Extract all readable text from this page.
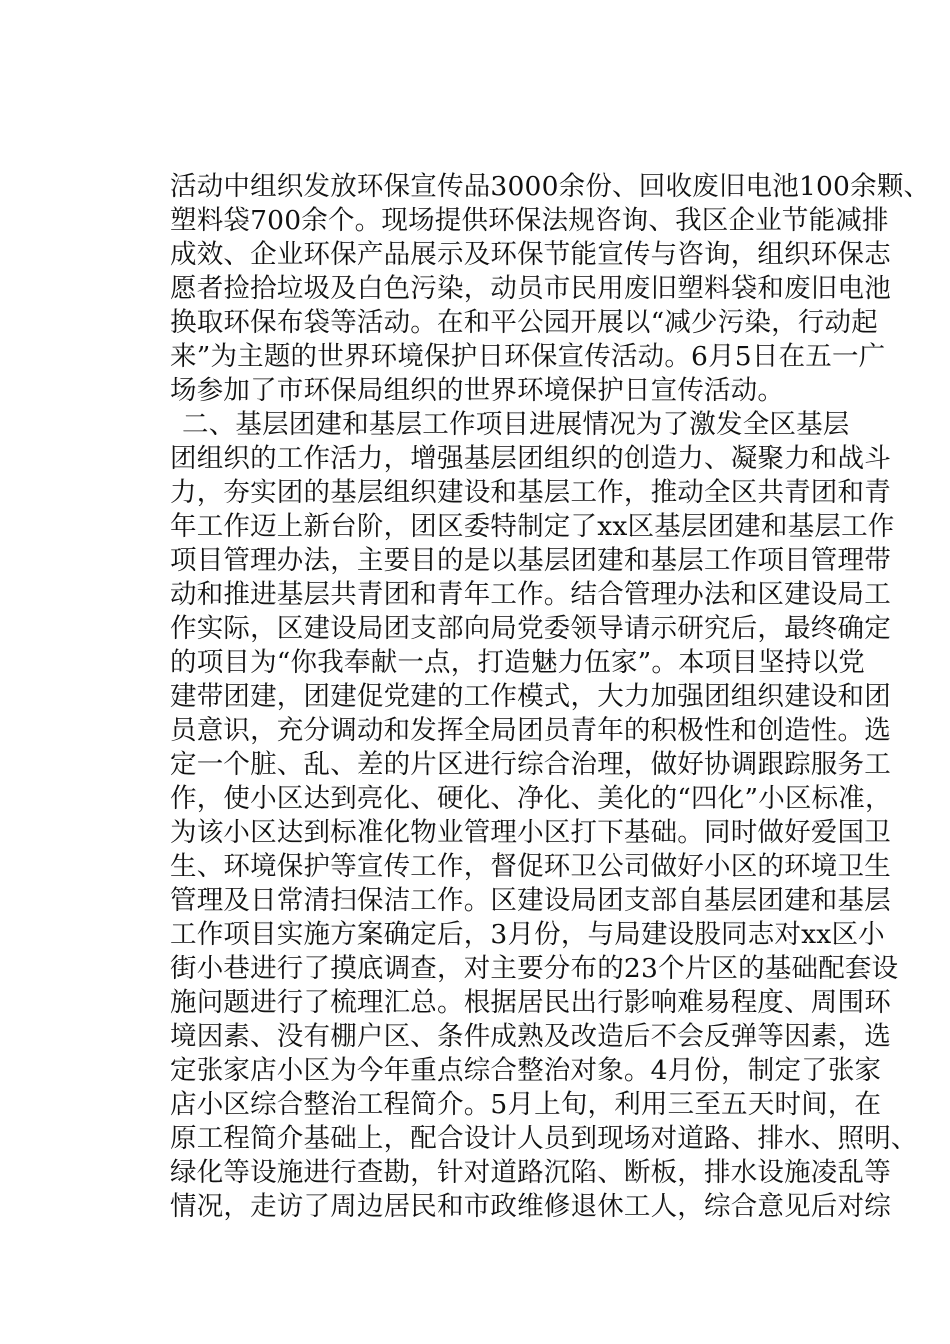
活动中组织发放环保宣传品3000余份、回收废旧电池100余颗、
塑料袋700余个。现场提供环保法规咨询、我区企业节能减排
成效、企业环保产品展示及环保节能宣传与咨询，组织环保志
愿者捡拾垃圾及白色污染，动员市民用废旧塑料袋和废旧电池
换取环保布袋等活动。在和平公园开展以“减少污染，行动起
来”为主题的世界环境保护日环保宣传活动。6月5日在五一广
场参加了市环保局组织的世界环境保护日宣传活动。
二、基层团建和基层工作项目进展情况为了激发全区基层
团组织的工作活力，增强基层团组织的创造力、凝聚力和战斗
力，夯实团的基层组织建设和基层工作，推动全区共青团和青
年工作迈上新台阶，团区委特制定了xx区基层团建和基层工作
项目管理办法，主要目的是以基层团建和基层工作项目管理带
动和推进基层共青团和青年工作。结合管理办法和区建设局工
作实际，区建设局团支部向局党委领导请示研究后，最终确定
的项目为“你我奉献一点，打造魅力伍家”。本项目坚持以党
建带团建，团建促党建的工作模式，大力加强团组织建设和团
员意识，充分调动和发挥全局团员青年的积极性和创造性。选
定一个脏、乱、差的片区进行综合治理，做好协调跟踪服务工
作，使小区达到亮化、硬化、净化、美化的“四化”小区标准，
为该小区达到标准化物业管理小区打下基础。同时做好爱国卫
生、环境保护等宣传工作，督促环卫公司做好小区的环境卫生
管理及日常清扫保洁工作。区建设局团支部自基层团建和基层
工作项目实施方案确定后，3月份，与局建设股同志对xx区小
街小巷进行了摸底调查，对主要分布的23个片区的基础配套设
施问题进行了梳理汇总。根据居民出行影响难易程度、周围环
境因素、没有棚户区、条件成熟及改造后不会反弹等因素，选
定张家店小区为今年重点综合整治对象。4月份，制定了张家
店小区综合整治工程简介。5月上旬，利用三至五天时间，在
原工程简介基础上，配合设计人员到现场对道路、排水、照明、
绿化等设施进行查勘，针对道路沉陷、断板，排水设施凌乱等
情况，走访了周边居民和市政维修退休工人，综合意见后对综
